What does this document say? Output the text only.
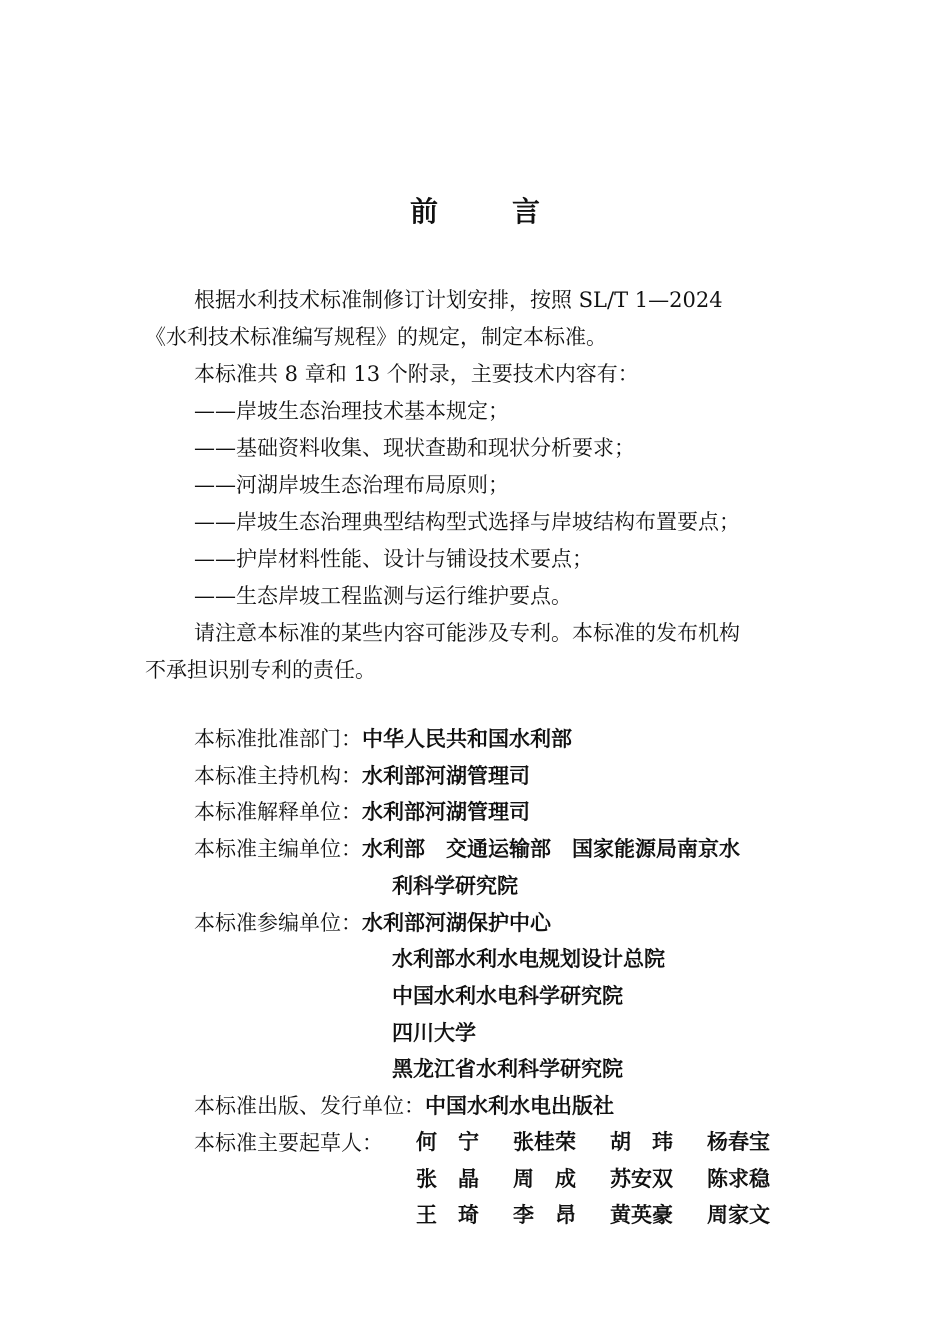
前	言

根据水利技术标准制修订计划安排，按照 SL/T 1—2024

《水利技术标准编写规程》的规定，制定本标准。

本标准共 8 章和 13 个附录，主要技术内容有：

——岸坡生态治理技术基本规定；

——基础资料收集、现状查勘和现状分析要求；

——河湖岸坡生态治理布局原则；

——岸坡生态治理典型结构型式选择与岸坡结构布置要点；

——护岸材料性能、设计与铺设技术要点；

——生态岸坡工程监测与运行维护要点。

请注意本标准的某些内容可能涉及专利。本标准的发布机构

不承担识别专利的责任。

本标准批准部门： 中华人民共和国水利部
本标准主持机构： 水利部河湖管理司
本标准解释单位： 水利部河湖管理司
本标准主编单位： 水利部　交通运输部　国家能源局南京水
利科学研究院
本标准参编单位： 水利部河湖保护中心
水利部水利水电规划设计总院
中国水利水电科学研究院
四川大学
黑龙江省水利科学研究院
本标准出版、发行单位： 中国水利水电出版社
本标准主要起草人： 何　宁	张桂荣	胡　玮	杨春宝
张　晶	周　成	苏安双	陈求稳
王　琦	李　昂	黄英豪	周家文
